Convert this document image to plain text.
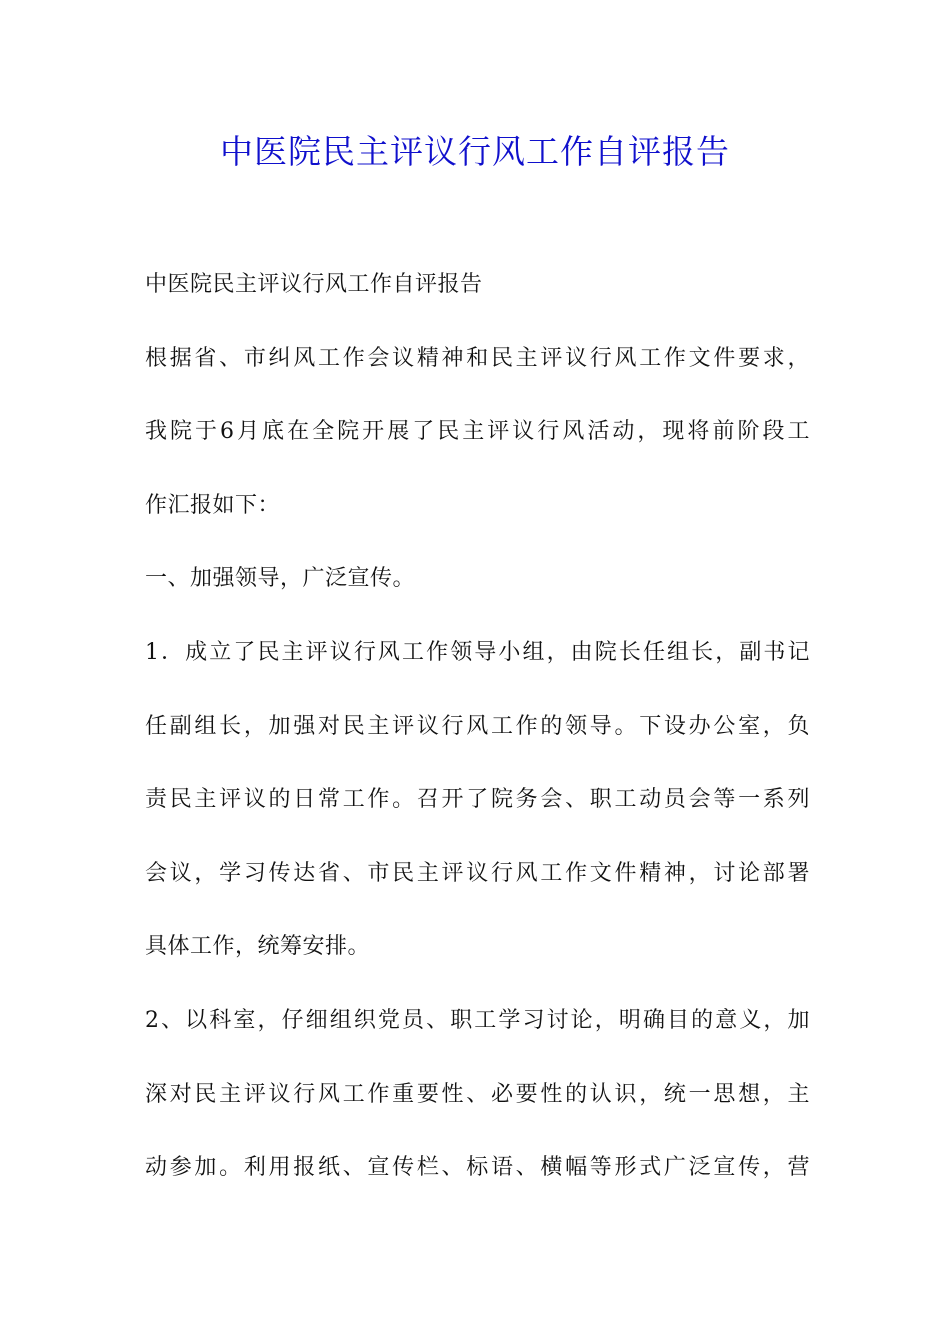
中医院民主评议行风工作自评报告
中医院民主评议行风工作自评报告
根据省、市纠风工作会议精神和民主评议行风工作文件要求，
我院于6月底在全院开展了民主评议行风活动，现将前阶段工
作汇报如下：
一、加强领导，广泛宣传。
1．成立了民主评议行风工作领导小组，由院长任组长，副书记
任副组长，加强对民主评议行风工作的领导。下设办公室，负
责民主评议的日常工作。召开了院务会、职工动员会等一系列
会议，学习传达省、市民主评议行风工作文件精神，讨论部署
具体工作，统筹安排。
2、以科室，仔细组织党员、职工学习讨论，明确目的意义，加
深对民主评议行风工作重要性、必要性的认识，统一思想，主
动参加。利用报纸、宣传栏、标语、横幅等形式广泛宣传，营
